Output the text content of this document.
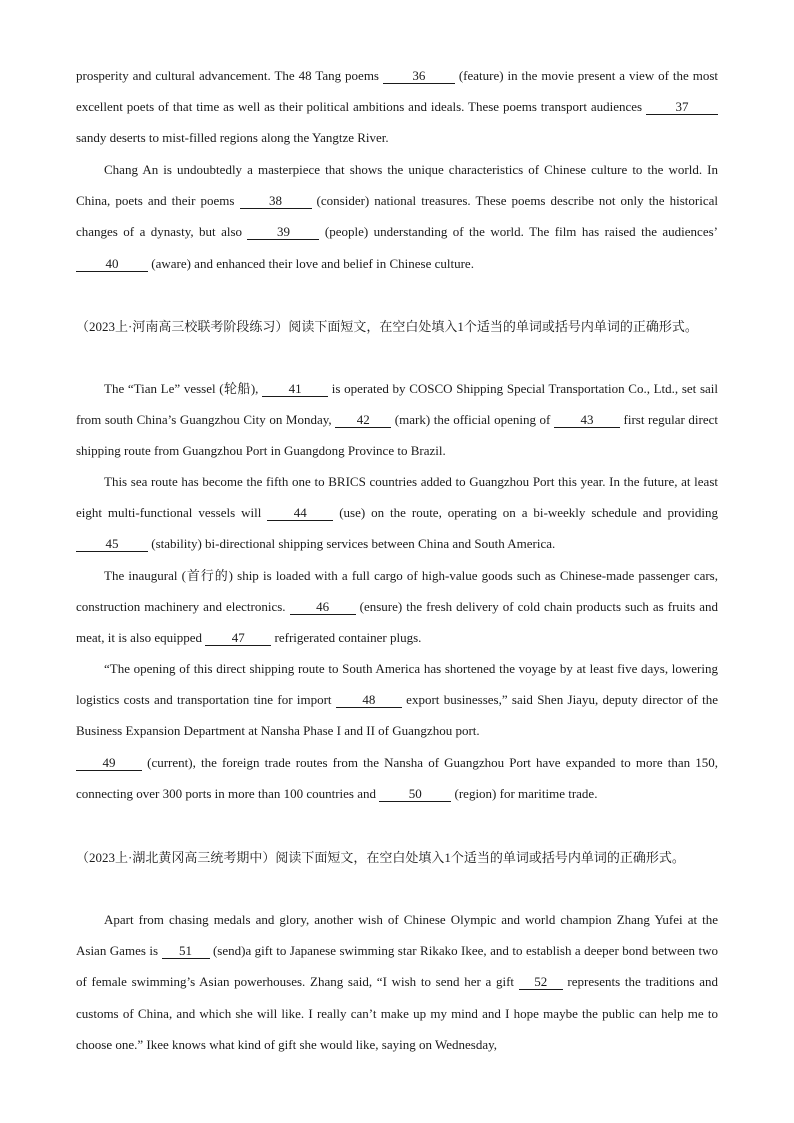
prosperity and cultural advancement. The 48 Tang poems 36 (feature) in the movie present a view of the most excellent poets of that time as well as their political ambitions and ideals. These poems transport audiences 37 sandy deserts to mist-filled regions along the Yangtze River.

Chang An is undoubtedly a masterpiece that shows the unique characteristics of Chinese culture to the world. In China, poets and their poems 38 (consider) national treasures. These poems describe not only the historical changes of a dynasty, but also 39 (people) understanding of the world. The film has raised the audiences’ 40 (aware) and enhanced their love and belief in Chinese culture.

（2023上·河南高三校联考阶段练习）阅读下面短文，在空白处填入1个适当的单词或括号内单词的正确形式。

The “Tian Le” vessel (轮船), 41 is operated by COSCO Shipping Special Transportation Co., Ltd., set sail from south China’s Guangzhou City on Monday, 42 (mark) the official opening of 43 first regular direct shipping route from Guangzhou Port in Guangdong Province to Brazil.

This sea route has become the fifth one to BRICS countries added to Guangzhou Port this year. In the future, at least eight multi-functional vessels will 44 (use) on the route, operating on a bi-weekly schedule and providing 45 (stability) bi-directional shipping services between China and South America.

The inaugural (首行的) ship is loaded with a full cargo of high-value goods such as Chinese-made passenger cars, construction machinery and electronics. 46 (ensure) the fresh delivery of cold chain products such as fruits and meat, it is also equipped 47 refrigerated container plugs.

“The opening of this direct shipping route to South America has shortened the voyage by at least five days, lowering logistics costs and transportation tine for import 48 export businesses,” said Shen Jiayu, deputy director of the Business Expansion Department at Nansha Phase I and II of Guangzhou port.

49 (current), the foreign trade routes from the Nansha of Guangzhou Port have expanded to more than 150, connecting over 300 ports in more than 100 countries and 50 (region) for maritime trade.

（2023上·湖北黄冈高三统考期中）阅读下面短文，在空白处填入1个适当的单词或括号内单词的正确形式。

Apart from chasing medals and glory, another wish of Chinese Olympic and world champion Zhang Yufei at the Asian Games is 51 (send)a gift to Japanese swimming star Rikako Ikee, and to establish a deeper bond between two of female swimming’s Asian powerhouses. Zhang said, “I wish to send her a gift 52 represents the traditions and customs of China, and which she will like. I really can’t make up my mind and I hope maybe the public can help me to choose one.” Ikee knows what kind of gift she would like, saying on Wednesday,
